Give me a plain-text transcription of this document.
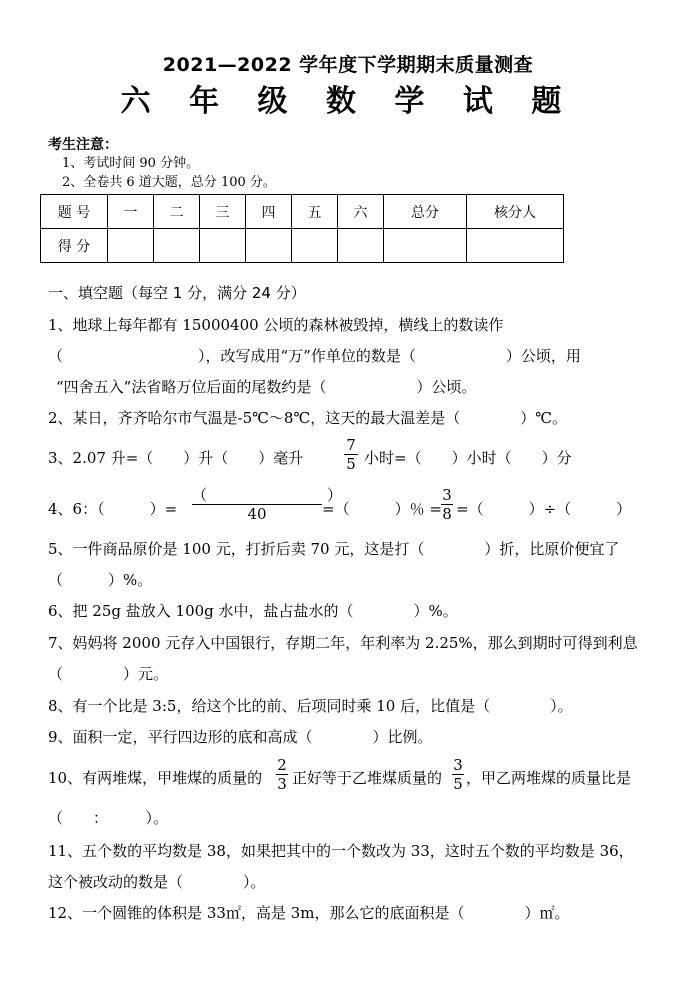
2021—2022 学年度下学期期末质量测查
六 年 级 数 学 试 题
考生注意：
1、考试时间 90 分钟。
2、全卷共 6 道大题，总分 100 分。
题 号	一	二	三	四	五	六	总分	核分人
得 分								
一、填空题（每空 1 分，满分 24 分）
1、地球上每年都有 15000400 公顷的森林被毁掉，横线上的数读作
（　　　　　　　　　），改写成用“万”作单位的数是（　　　　　　）公顷，用
“四舍五入”法省略万位后面的尾数约是（　　　　　　）公顷。
2、某日，齐齐哈尔市气温是-5℃～8℃，这天的最大温差是（　　　　）℃。
3、2.07 升=（　　）升（　　）毫升
7
5 小时=（　　）小时（　　）分
4、6：（　　　）=
（　　　　　　　　）
40	=（　　　）％ =
3
8 =（　　　）÷（　　　）
5、一件商品原价是 100 元，打折后卖 70 元，这是打（　　　　）折，比原价便宜了
（　　　）%。
6、把 25g 盐放入 100g 水中，盐占盐水的（　　　　）%。
7、妈妈将 2000 元存入中国银行，存期二年，年利率为 2.25%，那么到期时可得到利息
（　　　　）元。
8、有一个比是 3:5，给这个比的前、后项同时乘 10 后，比值是（　　　　）。
9、面积一定，平行四边形的底和高成（　　　　）比例。
10、有两堆煤，甲堆煤的质量的
2
3 正好等于乙堆煤质量的
3
5 ，甲乙两堆煤的质量比是
（　　：　　　）。
11、五个数的平均数是 38，如果把其中的一个数改为 33，这时五个数的平均数是 36，
这个被改动的数是（　　　　）。
12、一个圆锥的体积是 33㎡，高是 3m，那么它的底面积是（　　　　）㎡。
